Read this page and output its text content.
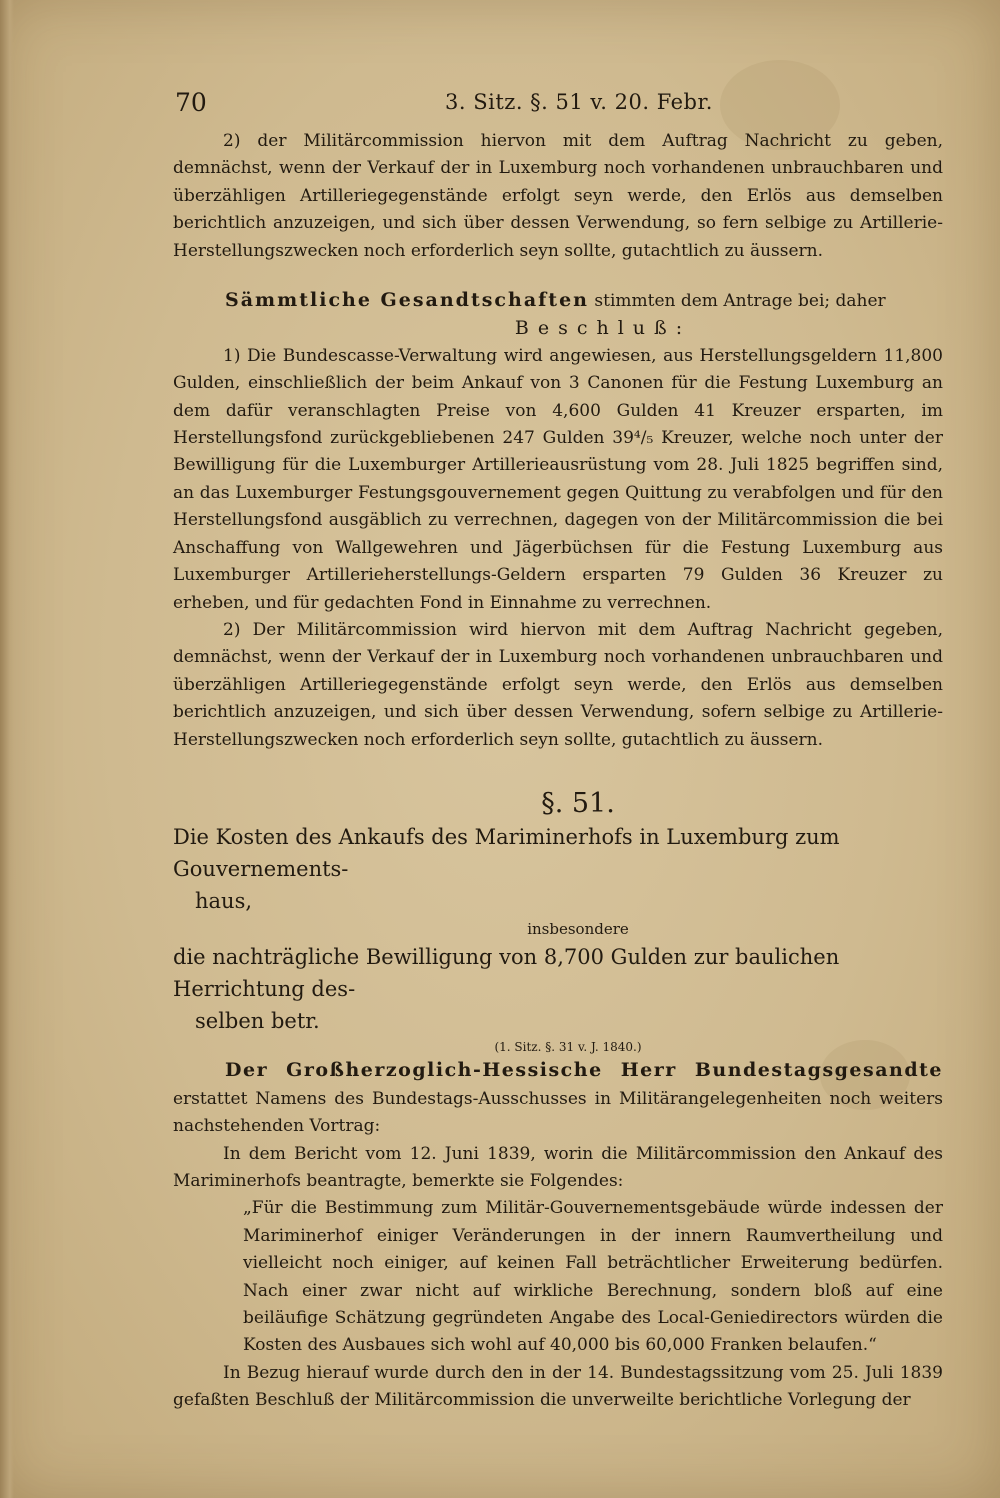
70	3. Sitz. §. 51 v. 20. Febr.

2) der Militärcommission hiervon mit dem Auftrag Nachricht zu geben, demnächst, wenn der Verkauf der in Luxemburg noch vorhandenen unbrauchbaren und überzähligen Artilleriegegenstände erfolgt seyn werde, den Erlös aus demselben berichtlich anzuzeigen, und sich über dessen Verwendung, so fern selbige zu Artillerie-Herstellungszwecken noch erforderlich seyn sollte, gutachtlich zu äussern.

Sämmtliche Gesandtschaften stimmten dem Antrage bei; daher

Beschluß:

1) Die Bundescasse-Verwaltung wird angewiesen, aus Herstellungsgeldern 11,800 Gulden, einschließlich der beim Ankauf von 3 Canonen für die Festung Luxemburg an dem dafür veranschlagten Preise von 4,600 Gulden 41 Kreuzer ersparten, im Herstellungsfond zurückgebliebenen 247 Gulden 39⁴/₅ Kreuzer, welche noch unter der Bewilligung für die Luxemburger Artillerieausrüstung vom 28. Juli 1825 begriffen sind, an das Luxemburger Festungsgouvernement gegen Quittung zu verabfolgen und für den Herstellungsfond ausgäblich zu verrechnen, dagegen von der Militärcommission die bei Anschaffung von Wallgewehren und Jägerbüchsen für die Festung Luxemburg aus Luxemburger Artillerieherstellungs-Geldern ersparten 79 Gulden 36 Kreuzer zu erheben, und für gedachten Fond in Einnahme zu verrechnen.

2) Der Militärcommission wird hiervon mit dem Auftrag Nachricht gegeben, demnächst, wenn der Verkauf der in Luxemburg noch vorhandenen unbrauchbaren und überzähligen Artilleriegegenstände erfolgt seyn werde, den Erlös aus demselben berichtlich anzuzeigen, und sich über dessen Verwendung, sofern selbige zu Artillerie-Herstellungszwecken noch erforderlich seyn sollte, gutachtlich zu äussern.

§. 51.

Die Kosten des Ankaufs des Mariminerhofs in Luxemburg zum Gouvernements-
haus,
insbesondere
die nachträgliche Bewilligung von 8,700 Gulden zur baulichen Herrichtung des-
selben betr.

(1. Sitz. §. 31 v. J. 1840.)

Der Großherzoglich-Hessische Herr Bundestagsgesandte erstattet Namens des Bundestags-Ausschusses in Militärangelegenheiten noch weiters nachstehenden Vortrag:

In dem Bericht vom 12. Juni 1839, worin die Militärcommission den Ankauf des Mariminerhofs beantragte, bemerkte sie Folgendes:

„Für die Bestimmung zum Militär-Gouvernementsgebäude würde indessen der Mariminerhof einiger Veränderungen in der innern Raumvertheilung und vielleicht noch einiger, auf keinen Fall beträchtlicher Erweiterung bedürfen. Nach einer zwar nicht auf wirkliche Berechnung, sondern bloß auf eine beiläufige Schätzung gegründeten Angabe des Local-Geniedirectors würden die Kosten des Ausbaues sich wohl auf 40,000 bis 60,000 Franken belaufen.“

In Bezug hierauf wurde durch den in der 14. Bundestagssitzung vom 25. Juli 1839 gefaßten Beschluß der Militärcommission die unverweilte berichtliche Vorlegung der
